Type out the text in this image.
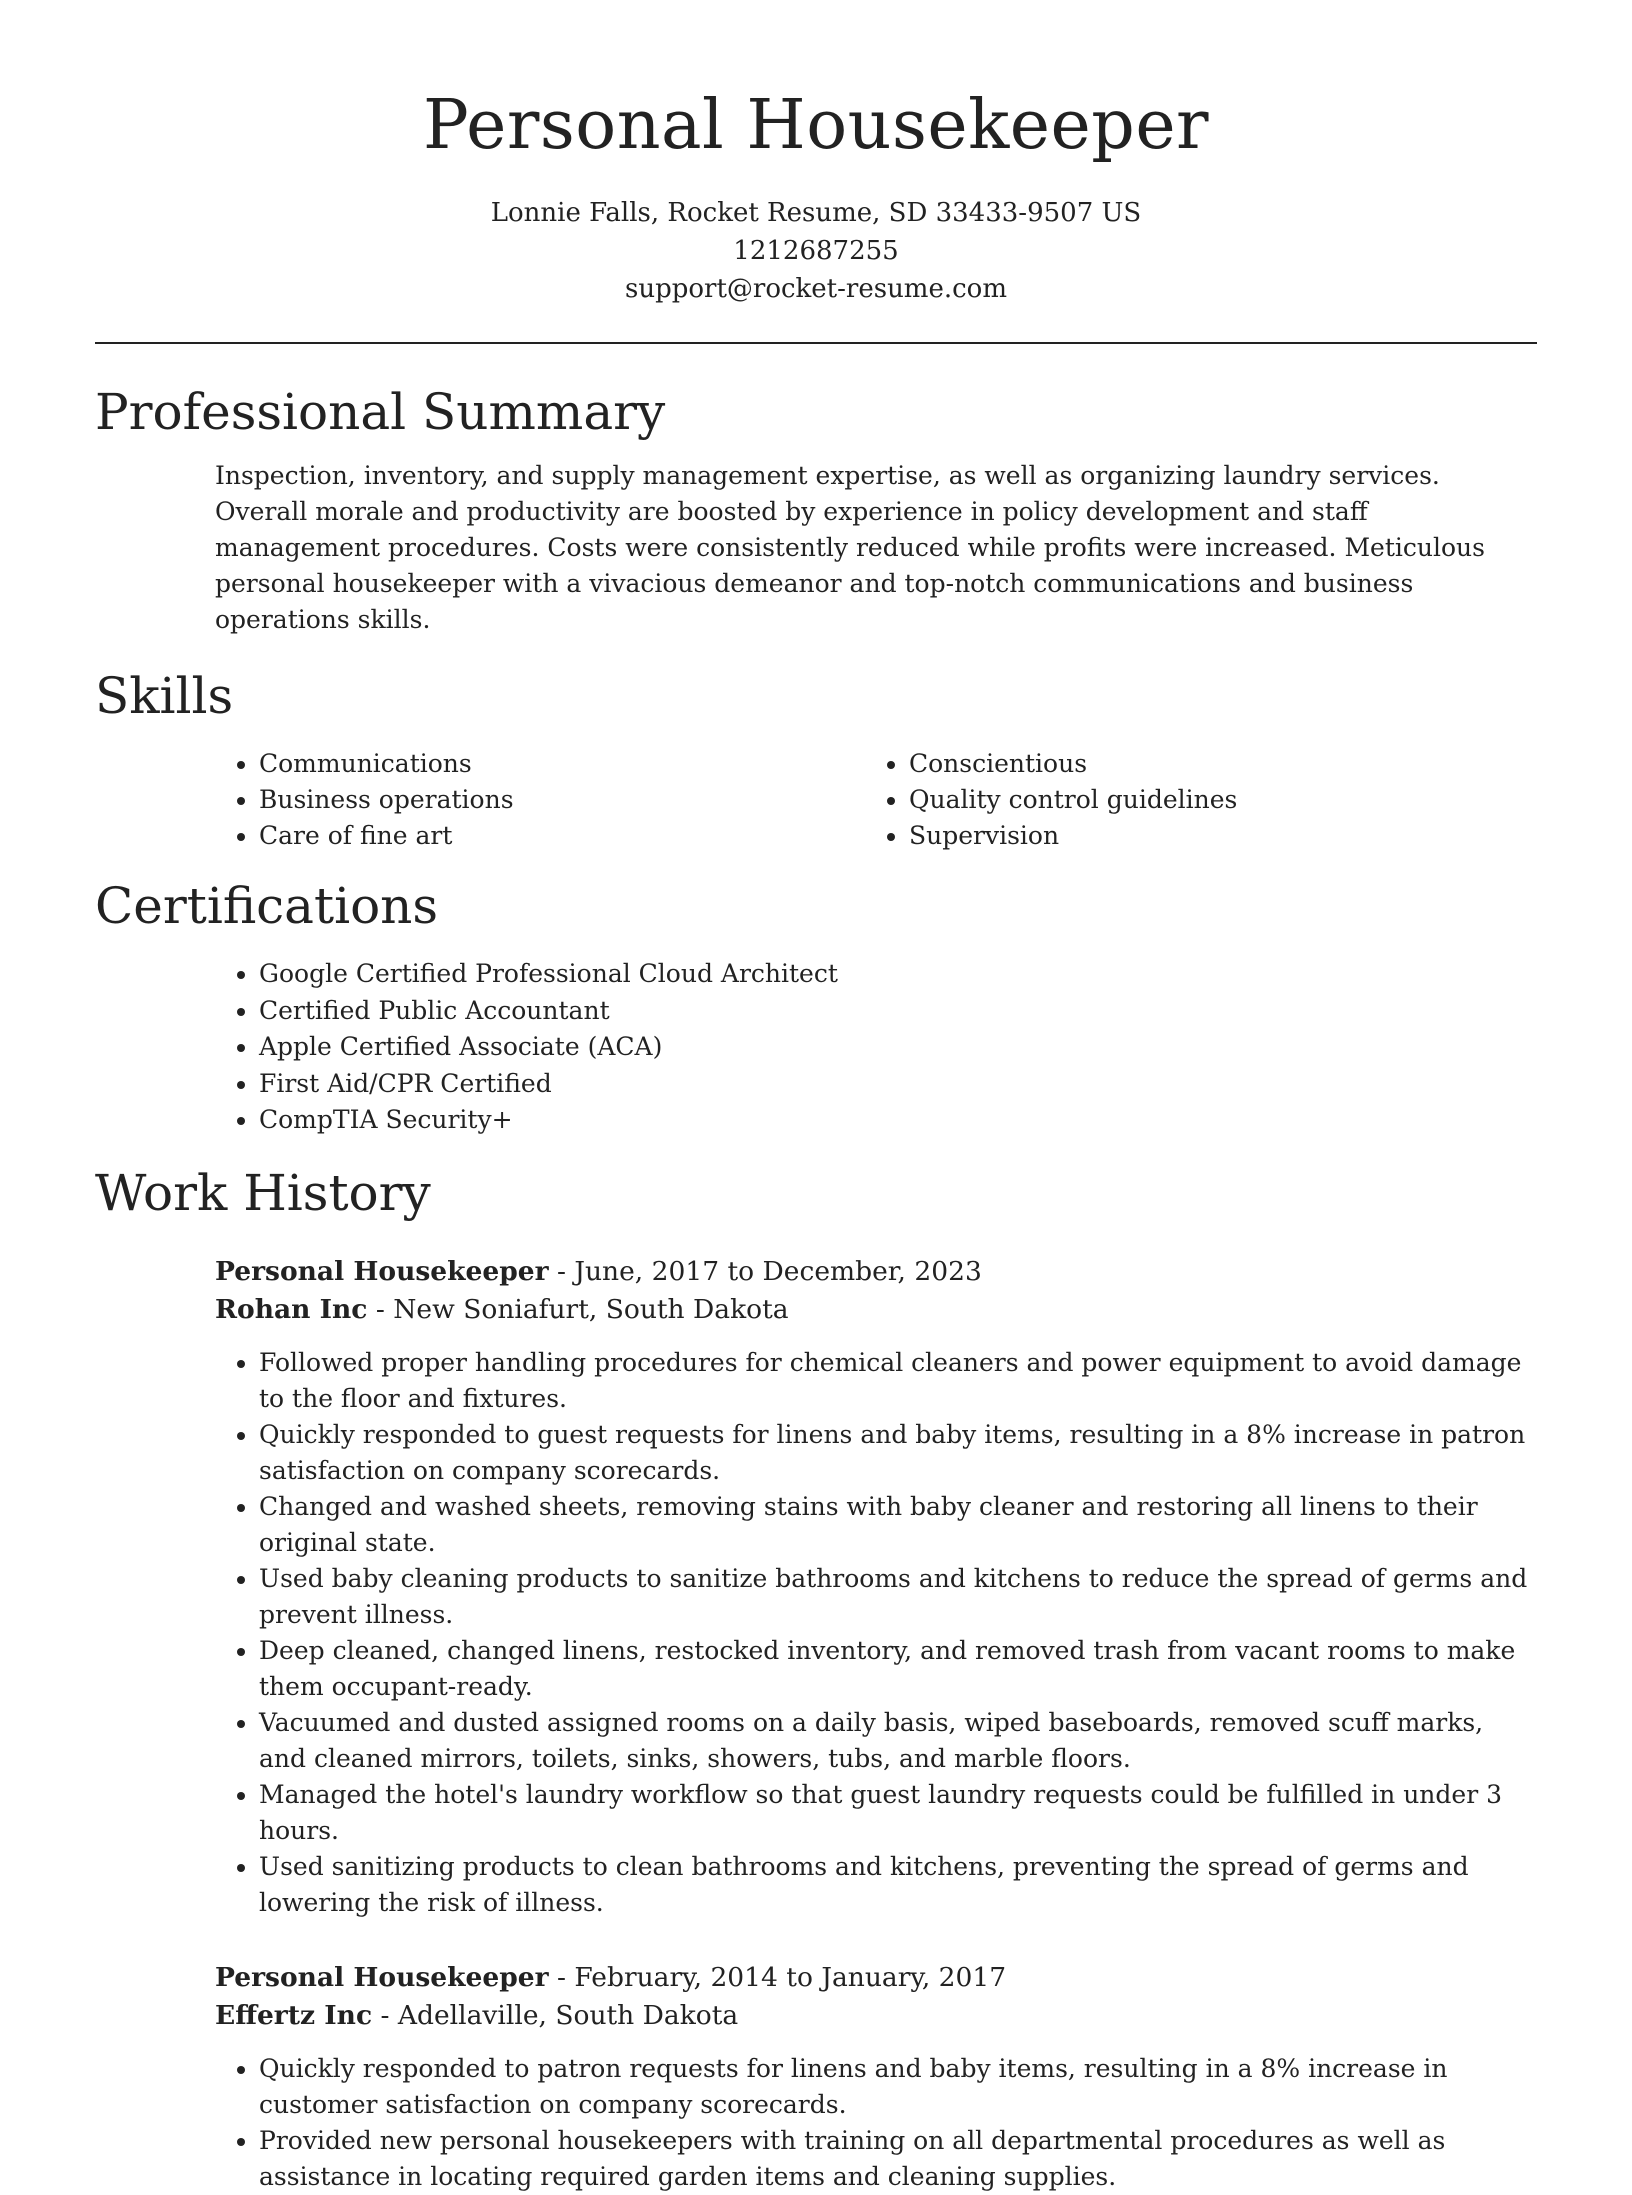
Personal Housekeeper
Lonnie Falls, Rocket Resume, SD 33433-9507 US
1212687255
support@rocket-resume.com
Professional Summary

Inspection, inventory, and supply management expertise, as well as organizing laundry services. Overall morale and productivity are boosted by experience in policy development and staff management procedures. Costs were consistently reduced while profits were increased. Meticulous personal housekeeper with a vivacious demeanor and top-notch communications and business operations skills.

Skills
• Communications
• Business operations
• Care of fine art
• Conscientious
• Quality control guidelines
• Supervision
Certifications
• Google Certified Professional Cloud Architect
• Certified Public Accountant
• Apple Certified Associate (ACA)
• First Aid/CPR Certified
• CompTIA Security+
Work History
Personal Housekeeper - June, 2017 to December, 2023
Rohan Inc - New Soniafurt, South Dakota
• Followed proper handling procedures for chemical cleaners and power equipment to avoid damage to the floor and fixtures.
• Quickly responded to guest requests for linens and baby items, resulting in a 8% increase in patron satisfaction on company scorecards.
• Changed and washed sheets, removing stains with baby cleaner and restoring all linens to their original state.
• Used baby cleaning products to sanitize bathrooms and kitchens to reduce the spread of germs and prevent illness.
• Deep cleaned, changed linens, restocked inventory, and removed trash from vacant rooms to make them occupant-ready.
• Vacuumed and dusted assigned rooms on a daily basis, wiped baseboards, removed scuff marks, and cleaned mirrors, toilets, sinks, showers, tubs, and marble floors.
• Managed the hotel's laundry workflow so that guest laundry requests could be fulfilled in under 3 hours.
• Used sanitizing products to clean bathrooms and kitchens, preventing the spread of germs and lowering the risk of illness.
Personal Housekeeper - February, 2014 to January, 2017
Effertz Inc - Adellaville, South Dakota
• Quickly responded to patron requests for linens and baby items, resulting in a 8% increase in customer satisfaction on company scorecards.
• Provided new personal housekeepers with training on all departmental procedures as well as assistance in locating required garden items and cleaning supplies.
